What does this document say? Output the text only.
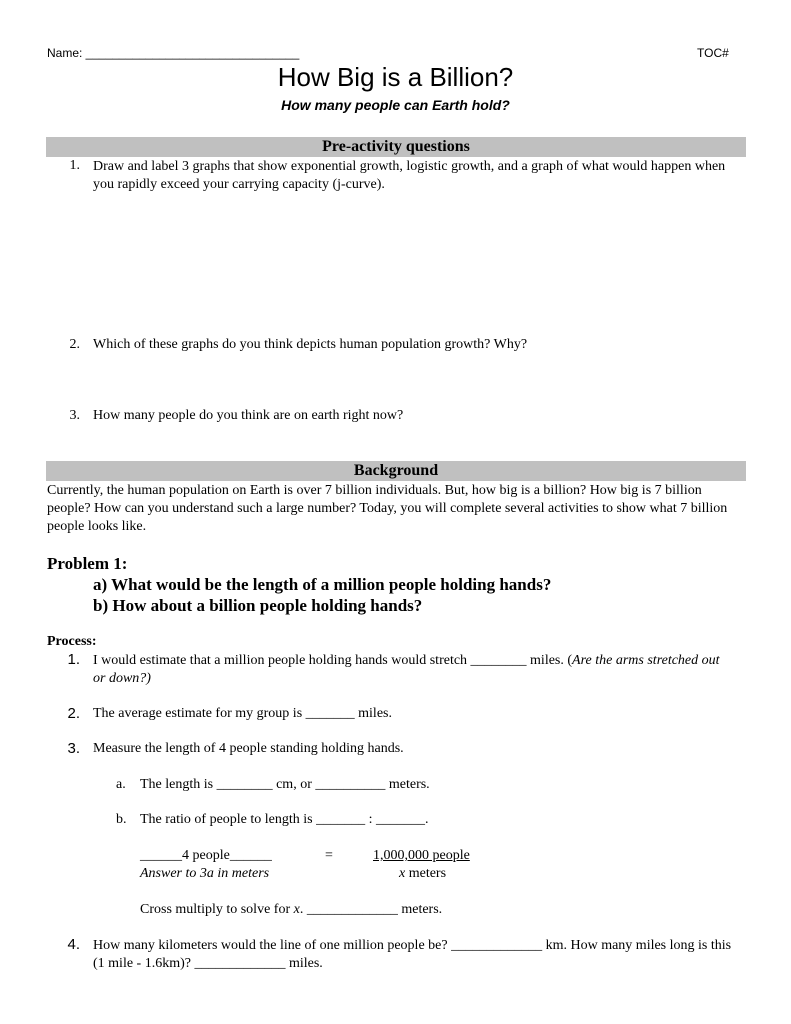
Name: ________________________________	TOC#
How Big is a Billion?
How many people can Earth hold?
Pre-activity questions
1. Draw and label 3 graphs that show exponential growth, logistic growth, and a graph of what would happen when you rapidly exceed your carrying capacity (j-curve).
2. Which of these graphs do you think depicts human population growth? Why?
3. How many people do you think are on earth right now?
Background
Currently, the human population on Earth is over 7 billion individuals. But, how big is a billion? How big is 7 billion people? How can you understand such a large number? Today, you will complete several activities to show what 7 billion people looks like.
Problem 1:
a) What would be the length of a million people holding hands?
b) How about a billion people holding hands?
Process:
1. I would estimate that a million people holding hands would stretch ________ miles. (Are the arms stretched out or down?)
2. The average estimate for my group is _______ miles.
3. Measure the length of 4 people standing holding hands.
a. The length is ________ cm, or __________ meters.
b. The ratio of people to length is _______ : _______.
______4 people______
Answer to 3a in meters
=	1,000,000 people
x meters
Cross multiply to solve for x. _____________ meters.
4. How many kilometers would the line of one million people be? _____________ km. How many miles long is this (1 mile - 1.6km)? _____________ miles.
